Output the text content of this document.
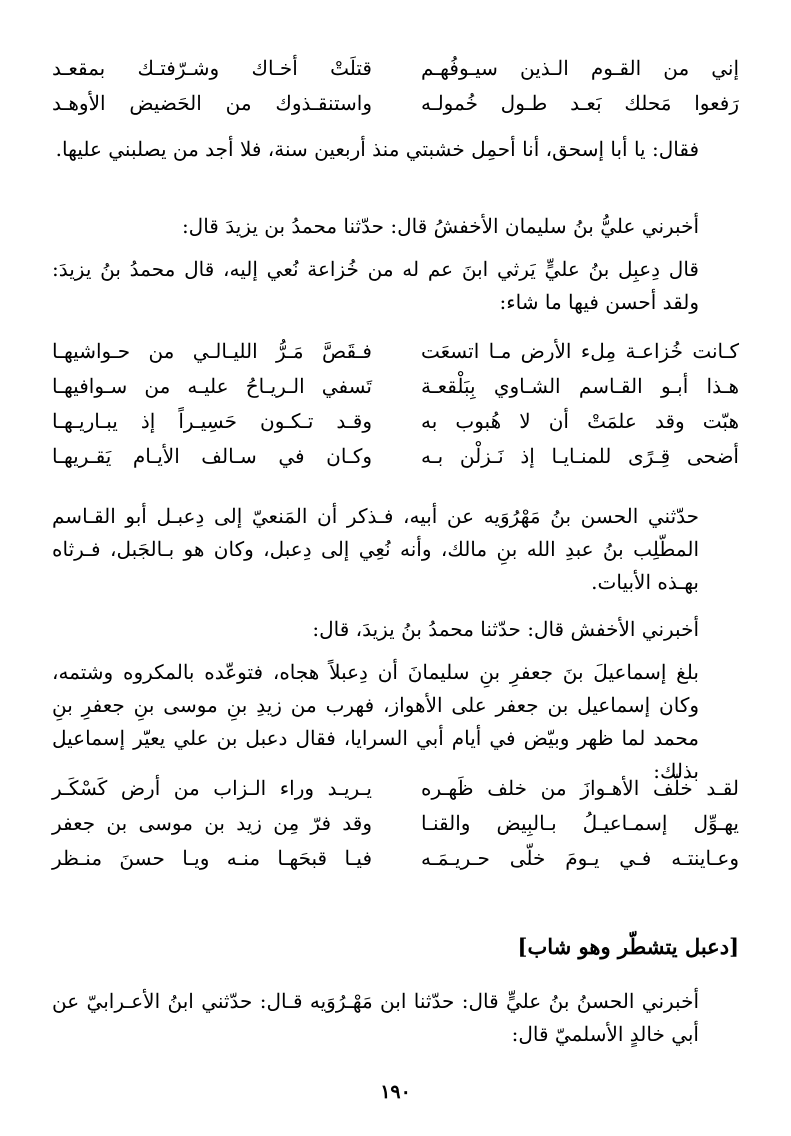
إني من القـوم الـذين سيـوفُهـم
قتلَتْ أخـاك وشـرّفتـك بمقعـد
رَفعوا مَحلك بَعـد طـول خُمولـه
واستنقـذوك من الحَضيض الأوهـد
فقال: يا أبا إسحق، أنا أحمِل خشبتي منذ أربعين سنة، فلا أجد من يصلبني عليها.
أخبرني عليُّ بنُ سليمان الأخفشُ قال: حدّثنا محمدُ بن يزيدَ قال:
قال دِعبِل بنُ عليٍّ يَرثي ابنَ عم له من خُزاعة نُعي إليه، قال محمدُ بنُ يزيدَ: ولقد أحسن فيها ما شاء:
كـانت خُزاعـة مِلء الأرض مـا اتسعَت
فـقَصَّ مَـرُّ الليـالـي من حـواشيهـا
هـذا أبـو القـاسم الشـاوي بِبَلْقعـة
تَسفي الـريـاحُ عليـه من سـوافيهـا
هبّت وقد علمَتْ أن لا هُبوب به
وقـد تـكـون حَسِيـراً إذ يبـاريـهـا
أضحى قِـرًى للمنـايـا إذ نَـزلْن بـه
وكـان في سـالف الأيـام يَقـريهـا
حدّثني الحسن بنُ مَهْرُوَيه عن أبيه، فـذكر أن المَنعيّ إلى دِعبـل أبو القـاسم المطّلِب بنُ عبدِ الله بنِ مالك، وأنه نُعِي إلى دِعبل، وكان هو بـالجَبل، فـرثاه بهـذه الأبيات.
أخبرني الأخفش قال: حدّثنا محمدُ بنُ يزيدَ، قال:
بلغ إسماعيلَ بنَ جعفرِ بنِ سليمانَ أن دِعبلاً هجاه، فتوعّده بالمكروه وشتمه، وكان إسماعيل بن جعفر على الأهواز، فهرب من زيدِ بنِ موسى بنِ جعفرِ بنِ محمد لما ظهر وبيّض في أيام أبي السرايا، فقال دعبل بن علي يعيّر إسماعيل بذلك:
لقـد خلّف الأهـوازَ من خلف ظَهـره
يـريـد وراء الـزاب من أرض كَسْكَـر
يهـوِّل إسمـاعيـلُ بـالبِيض والقنـا
وقد فرّ مِن زيد بن موسى بن جعفر
وعـاينتـه فـي يـومَ خلّى حـريـمَـه
فيـا قبحَهـا منـه ويـا حسنَ منـظر
[دعبل يتشطّر وهو شاب]
أخبرني الحسنُ بنُ عليٍّ قال: حدّثنا ابن مَهْـرُوَيه قـال: حدّثني ابنُ الأعـرابيّ عن أبي خالدٍ الأسلميّ قال:
١٩٠
